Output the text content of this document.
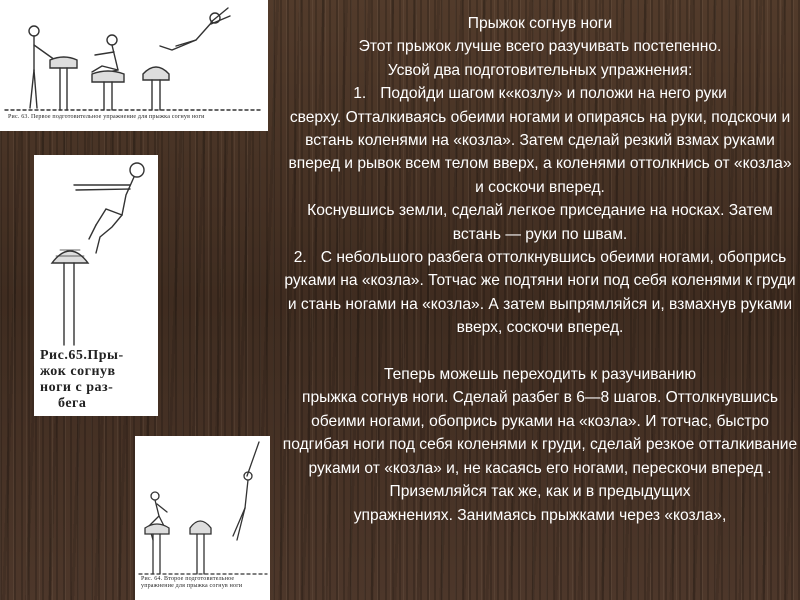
Рис. 63. Первое подготовительное упражнение для прыжка согнув ноги
Рис.65.Пры-
жок согнув
ноги с раз-
бега
Рис. 64. Второе подготовительное упражнение для прыжка согнув ноги

Прыжок согнув ноги

Этот прыжок лучше всего разучивать постепенно.

Усвой два подготовительных упражнения:

1. Подойди шагом к«козлу» и положи на него руки

сверху. Отталкиваясь обеими ногами и опираясь на руки, подскочи и встань коленями на «козла». Затем сделай резкий взмах руками вперед и рывок всем телом вверх, а коленями оттолкнись от «козла» и соскочи вперед.

Коснувшись земли, сделай легкое приседание на носках. Затем встань — руки по швам.

2. С небольшого разбега оттолкнувшись обеими ногами, обопрись руками на «козла». Тотчас же подтяни ноги под себя коленями к груди и стань ногами на «козла». А затем выпрямляйся и, взмахнув руками вверх, соскочи вперед.

Теперь можешь переходить к разучиванию

прыжка согнув ноги. Сделай разбег в 6—8 шагов. Оттолкнувшись обеими ногами, обопрись руками на «козла». И тотчас, быстро подгибая ноги под себя коленями к груди, сделай резкое отталкивание руками от «козла» и, не касаясь его ногами, перескочи вперед .

Приземляйся так же, как и в предыдущих

упражнениях. Занимаясь прыжками через «козла»,
